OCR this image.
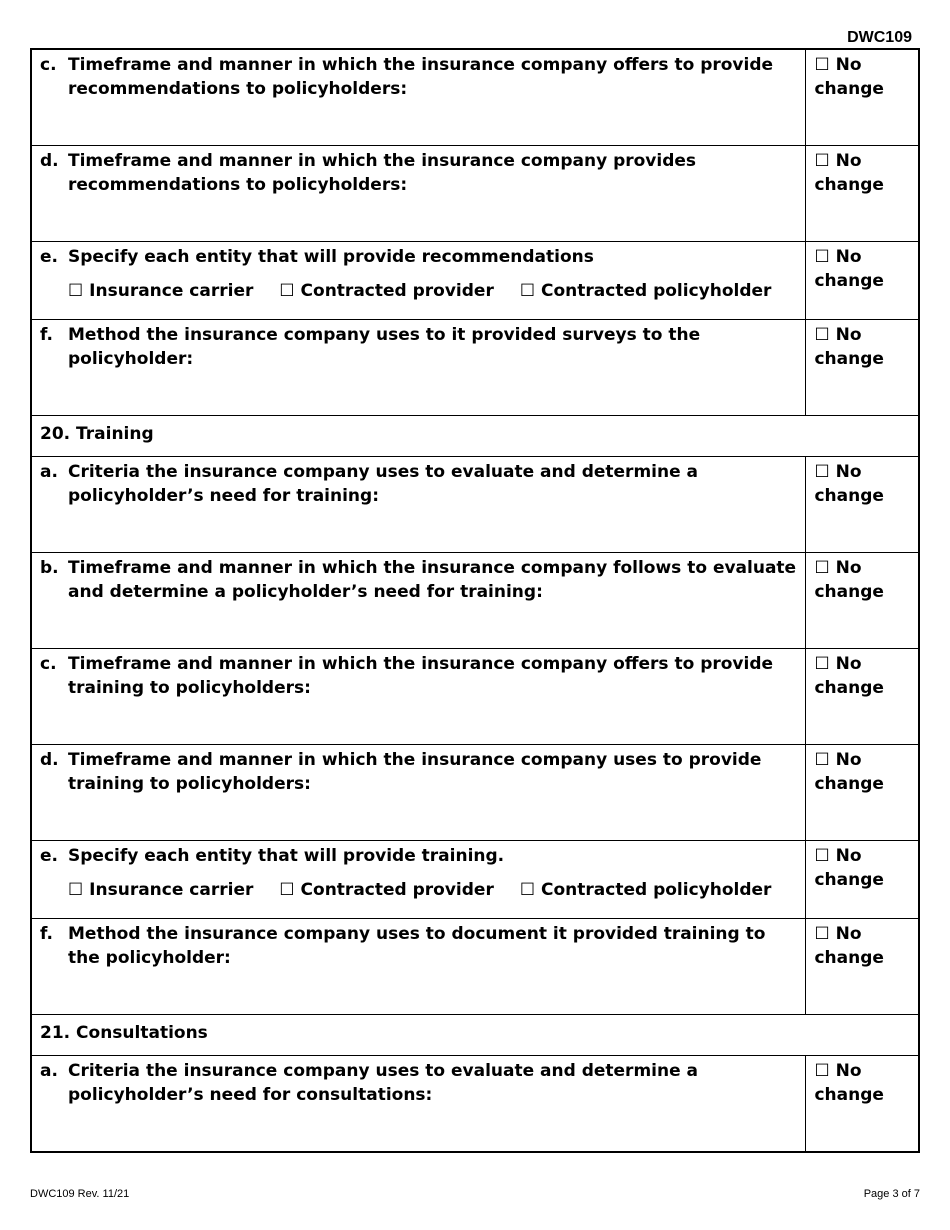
DWC109
c. Timeframe and manner in which the insurance company offers to provide recommendations to policyholders:	☐ No change

d. Timeframe and manner in which the insurance company provides recommendations to policyholders:	☐ No change

e. Specify each entity that will provide recommendations
☐ Insurance carrier ☐ Contracted provider ☐ Contracted policyholder	☐ No change

f. Method the insurance company uses to it provided surveys to the policyholder:	☐ No change
20. Training	

a. Criteria the insurance company uses to evaluate and determine a policyholder’s need for training:	☐ No change

b. Timeframe and manner in which the insurance company follows to evaluate and determine a policyholder’s need for training:	☐ No change

c. Timeframe and manner in which the insurance company offers to provide training to policyholders:	☐ No change

d. Timeframe and manner in which the insurance company uses to provide training to policyholders:	☐ No change

e. Specify each entity that will provide training.
☐ Insurance carrier ☐ Contracted provider ☐ Contracted policyholder	☐ No change

f. Method the insurance company uses to document it provided training to the policyholder:	☐ No change
21. Consultations	

a. Criteria the insurance company uses to evaluate and determine a policyholder’s need for consultations:	☐ No change
DWC109 Rev. 11/21	Page 3 of 7
